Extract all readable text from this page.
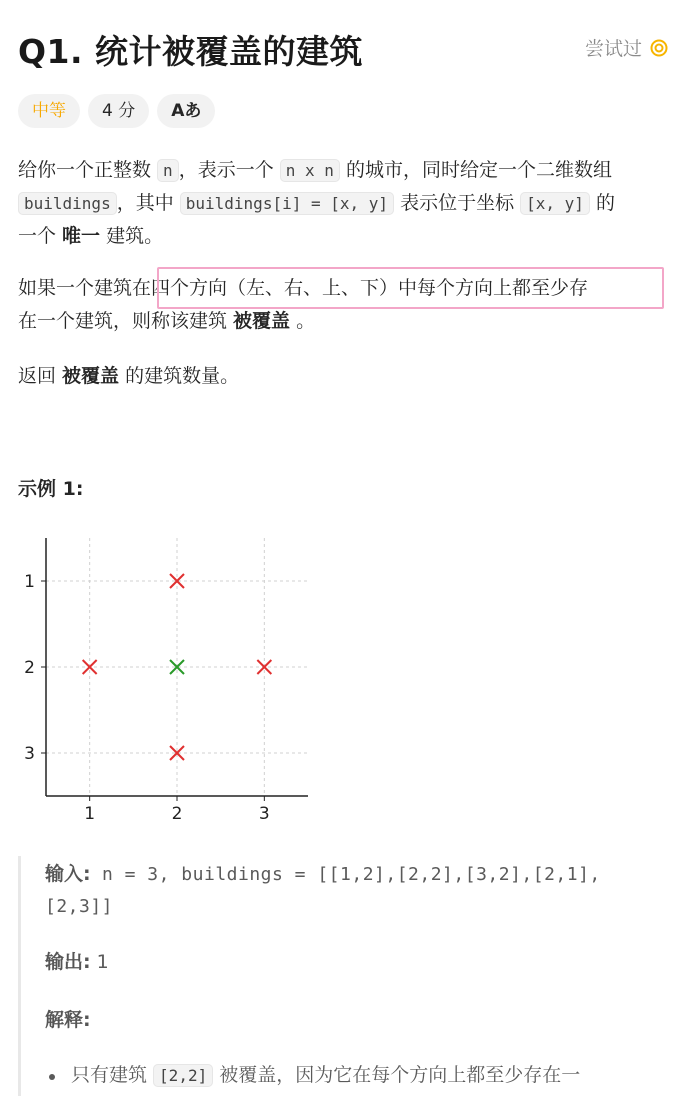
Q1. 统计被覆盖的建筑	尝试过
中等	4 分	Aあ
给你一个正整数 n ，表示一个 n x n 的城市，同时给定一个二维数组
buildings ，其中 buildings[i] = [x, y] 表示位于坐标 [x, y] 的
一个 唯一 建筑。
如果一个建筑在四个方向（左、右、上、下）中每个方向上都至少存
在一个建筑，则称该建筑 被覆盖 。
返回 被覆盖 的建筑数量。
示例 1:
1	2	3
1
2
3
输入: n = 3, buildings = [[1,2],[2,2],[3,2],[2,1],
[2,3]]
输出: 1
解释:
只有建筑 [2,2] 被覆盖，因为它在每个方向上都至少存在一
